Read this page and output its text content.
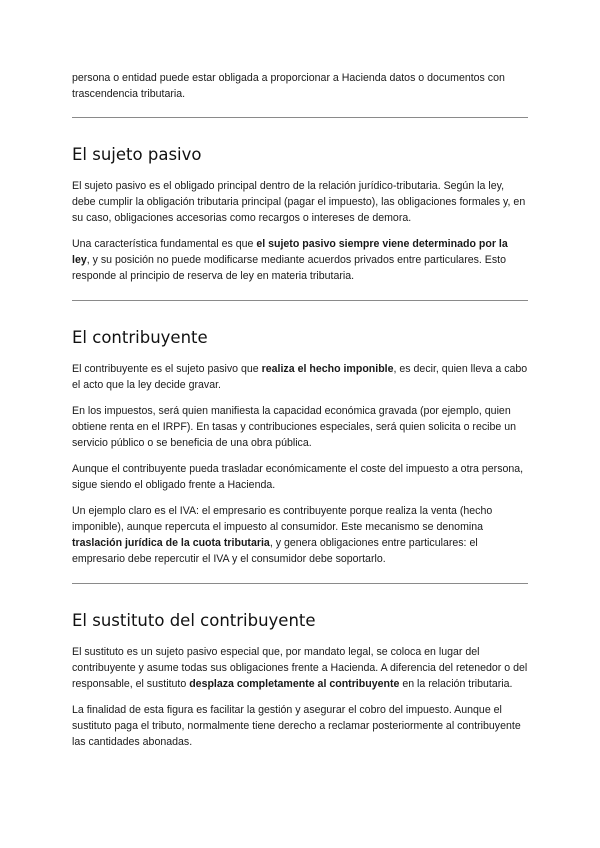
persona o entidad puede estar obligada a proporcionar a Hacienda datos o documentos con trascendencia tributaria.

El sujeto pasivo

El sujeto pasivo es el obligado principal dentro de la relación jurídico-tributaria. Según la ley, debe cumplir la obligación tributaria principal (pagar el impuesto), las obligaciones formales y, en su caso, obligaciones accesorias como recargos o intereses de demora.

Una característica fundamental es que el sujeto pasivo siempre viene determinado por la ley, y su posición no puede modificarse mediante acuerdos privados entre particulares. Esto responde al principio de reserva de ley en materia tributaria.

El contribuyente

El contribuyente es el sujeto pasivo que realiza el hecho imponible, es decir, quien lleva a cabo el acto que la ley decide gravar.

En los impuestos, será quien manifiesta la capacidad económica gravada (por ejemplo, quien obtiene renta en el IRPF). En tasas y contribuciones especiales, será quien solicita o recibe un servicio público o se beneficia de una obra pública.

Aunque el contribuyente pueda trasladar económicamente el coste del impuesto a otra persona, sigue siendo el obligado frente a Hacienda.

Un ejemplo claro es el IVA: el empresario es contribuyente porque realiza la venta (hecho imponible), aunque repercuta el impuesto al consumidor. Este mecanismo se denomina traslación jurídica de la cuota tributaria, y genera obligaciones entre particulares: el empresario debe repercutir el IVA y el consumidor debe soportarlo.

El sustituto del contribuyente

El sustituto es un sujeto pasivo especial que, por mandato legal, se coloca en lugar del contribuyente y asume todas sus obligaciones frente a Hacienda. A diferencia del retenedor o del responsable, el sustituto desplaza completamente al contribuyente en la relación tributaria.

La finalidad de esta figura es facilitar la gestión y asegurar el cobro del impuesto. Aunque el sustituto paga el tributo, normalmente tiene derecho a reclamar posteriormente al contribuyente las cantidades abonadas.
